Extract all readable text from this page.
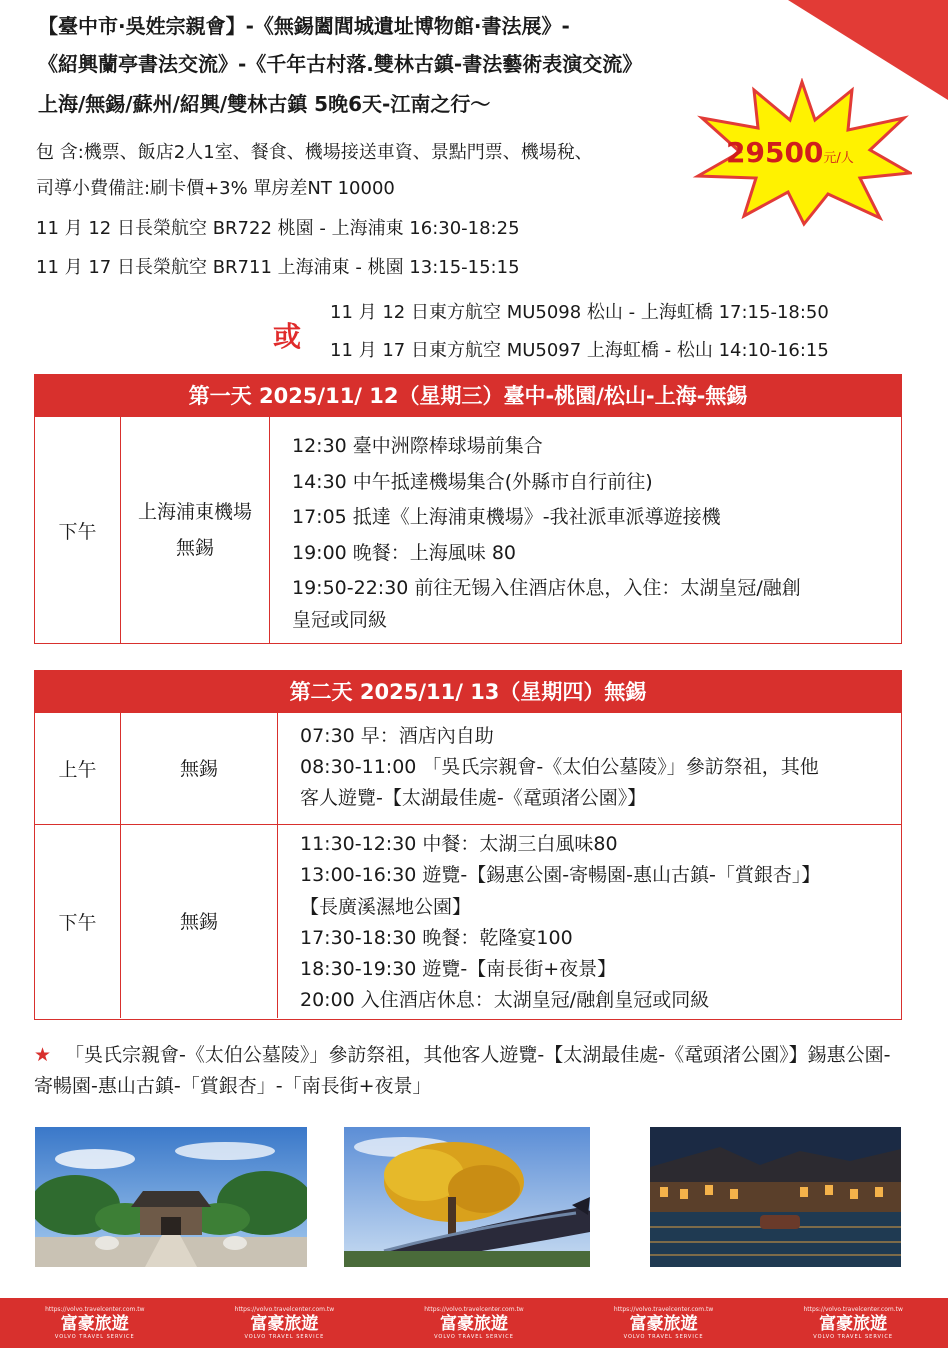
【臺中市·吳姓宗親會】-《無錫闔閭城遺址博物館·書法展》-
《紹興蘭亭書法交流》-《千年古村落.雙林古鎮-書法藝術表演交流》
上海/無錫/蘇州/紹興/雙林古鎮 5晚6天-江南之行～
包 含:機票、飯店2人1室、餐食、機場接送車資、景點門票、機場稅、
司導小費備註:刷卡價+3% 單房差NT 10000
11 月 12 日長榮航空 BR722 桃園 - 上海浦東 16:30-18:25
11 月 17 日長榮航空 BR711 上海浦東 - 桃園 13:15-15:15
29500元/人
或
11 月 12 日東方航空 MU5098 松山 - 上海虹橋 17:15-18:50
11 月 17 日東方航空 MU5097 上海虹橋 - 松山 14:10-16:15
第一天 2025/11/ 12（星期三）臺中-桃園/松山-上海-無錫
下午
上海浦東機場
無錫
12:30 臺中洲際棒球場前集合
14:30 中午抵達機場集合(外縣市自行前往)
17:05 抵達《上海浦東機場》-我社派車派導遊接機
19:00 晚餐：上海風味 80
19:50-22:30 前往无锡入住酒店休息，入住：太湖皇冠/融創
皇冠或同級
第二天 2025/11/ 13（星期四）無錫
上午	無錫
07:30 早：酒店內自助
08:30-11:00 「吳氏宗親會-《太伯公墓陵》」參訪祭祖，其他
客人遊覽-【太湖最佳處-《鼋頭渚公園》】
下午	無錫
11:30-12:30 中餐：太湖三白風味80
13:00-16:30 遊覽-【錫惠公園-寄暢園-惠山古鎮-「賞銀杏」】
【長廣溪濕地公園】
17:30-18:30 晚餐：乾隆宴100
18:30-19:30 遊覽-【南長街+夜景】
20:00 入住酒店休息：太湖皇冠/融創皇冠或同級
★ 「吳氏宗親會-《太伯公墓陵》」參訪祭祖，其他客人遊覽-【太湖最佳處-《鼋頭渚公園》】錫惠公園-寄暢園-惠山古鎮-「賞銀杏」-「南長街+夜景」
https://volvo.travelcenter.com.tw
富豪旅遊
VOLVO TRAVEL SERVICE
https://volvo.travelcenter.com.tw
富豪旅遊
VOLVO TRAVEL SERVICE
https://volvo.travelcenter.com.tw
富豪旅遊
VOLVO TRAVEL SERVICE
https://volvo.travelcenter.com.tw
富豪旅遊
VOLVO TRAVEL SERVICE
https://volvo.travelcenter.com.tw
富豪旅遊
VOLVO TRAVEL SERVICE
